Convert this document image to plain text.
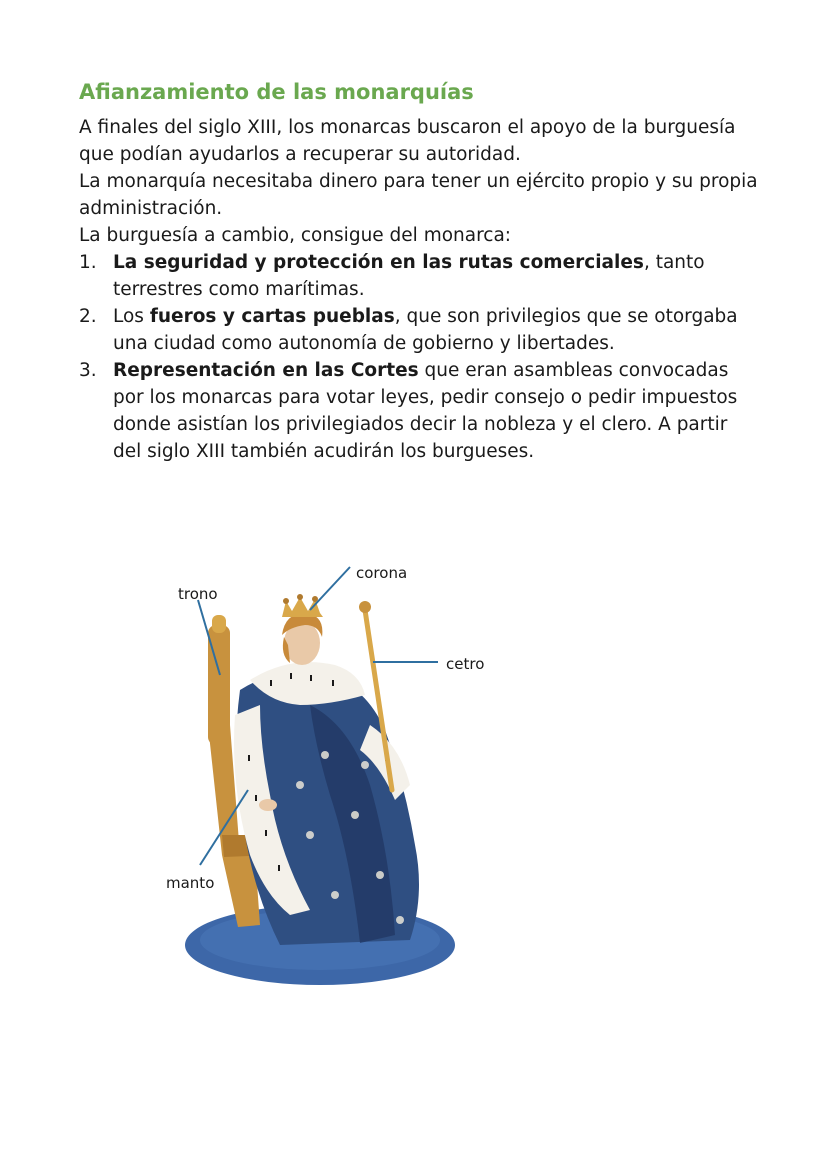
Afianzamiento de las monarquías
A finales del siglo XIII, los monarcas buscaron el apoyo de la burguesía que podían ayudarlos a recuperar su autoridad.
La monarquía necesitaba dinero para tener un ejército propio y su propia administración.
La burguesía a cambio, consigue del monarca:
1. La seguridad y protección en las rutas comerciales, tanto terrestres como marítimas.
2. Los fueros y cartas pueblas, que son privilegios que se otorgaba una ciudad como autonomía de gobierno y libertades.
3. Representación en las Cortes que eran asambleas convocadas por los monarcas para votar leyes, pedir consejo o pedir impuestos donde asistían los privilegiados decir la nobleza y el clero. A partir del siglo XIII también acudirán los burgueses.
trono
corona
cetro
manto
